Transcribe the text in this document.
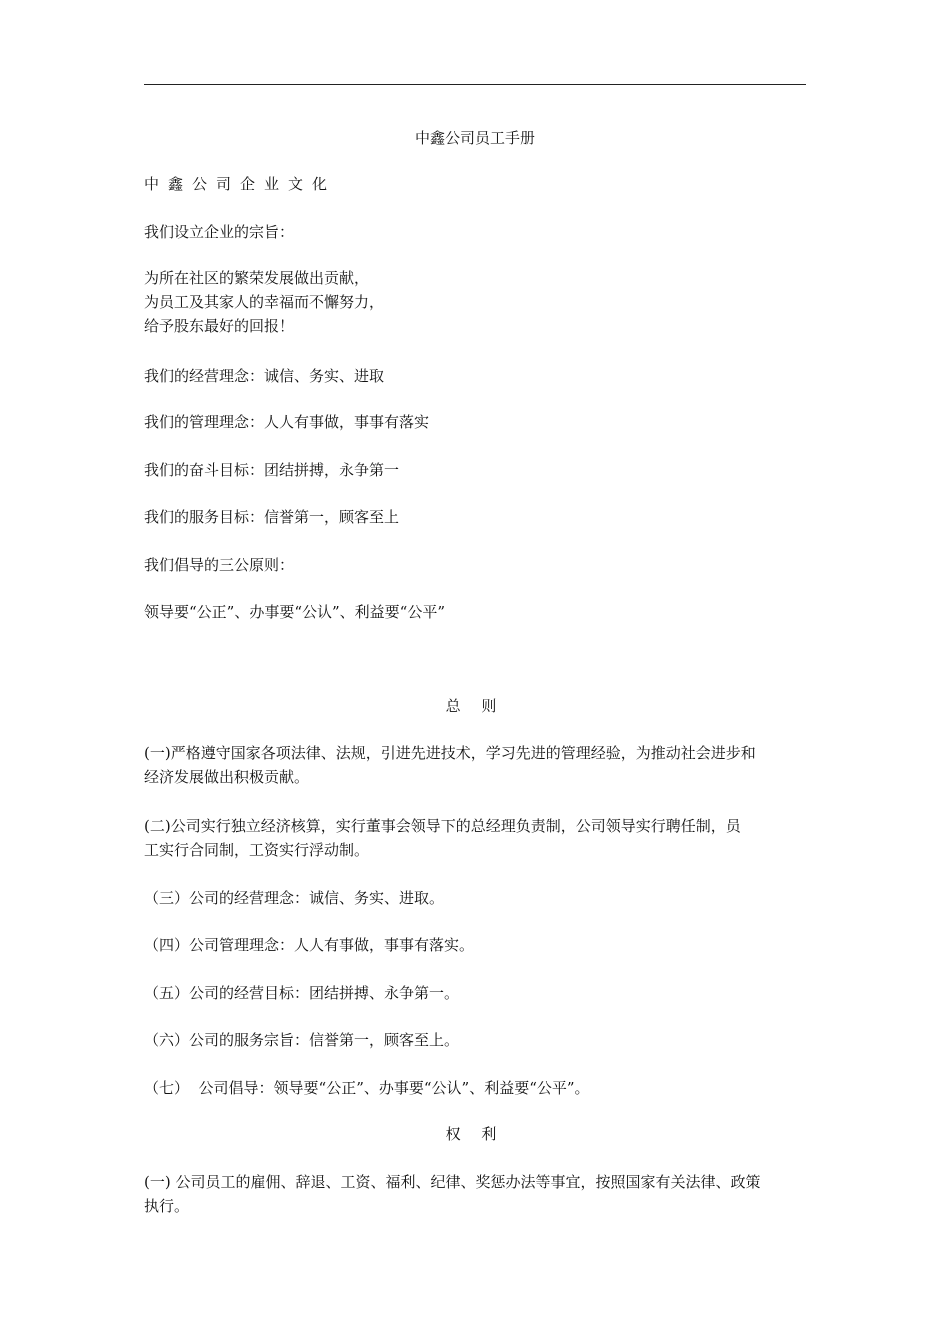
中鑫公司员工手册
中鑫公司企业文化
我们设立企业的宗旨：
为所在社区的繁荣发展做出贡献，
为员工及其家人的幸福而不懈努力，
给予股东最好的回报！
我们的经营理念：诚信、务实、进取
我们的管理理念：人人有事做，事事有落实
我们的奋斗目标：团结拼搏，永争第一
我们的服务目标：信誉第一，顾客至上
我们倡导的三公原则：
领导要“公正”、办事要“公认”、利益要“公平”
总 则
(一)严格遵守国家各项法律、法规，引进先进技术，学习先进的管理经验，为推动社会进步和
经济发展做出积极贡献。
(二)公司实行独立经济核算，实行董事会领导下的总经理负责制，公司领导实行聘任制，员
工实行合同制，工资实行浮动制。
（三）公司的经营理念：诚信、务实、进取。
（四）公司管理理念：人人有事做，事事有落实。
（五）公司的经营目标：团结拼搏、永争第一。
（六）公司的服务宗旨：信誉第一，顾客至上。
（七）  公司倡导：领导要“公正”、办事要“公认”、利益要“公平”。
权 利
(一) 公司员工的雇佣、辞退、工资、福利、纪律、奖惩办法等事宜，按照国家有关法律、政策
执行。
